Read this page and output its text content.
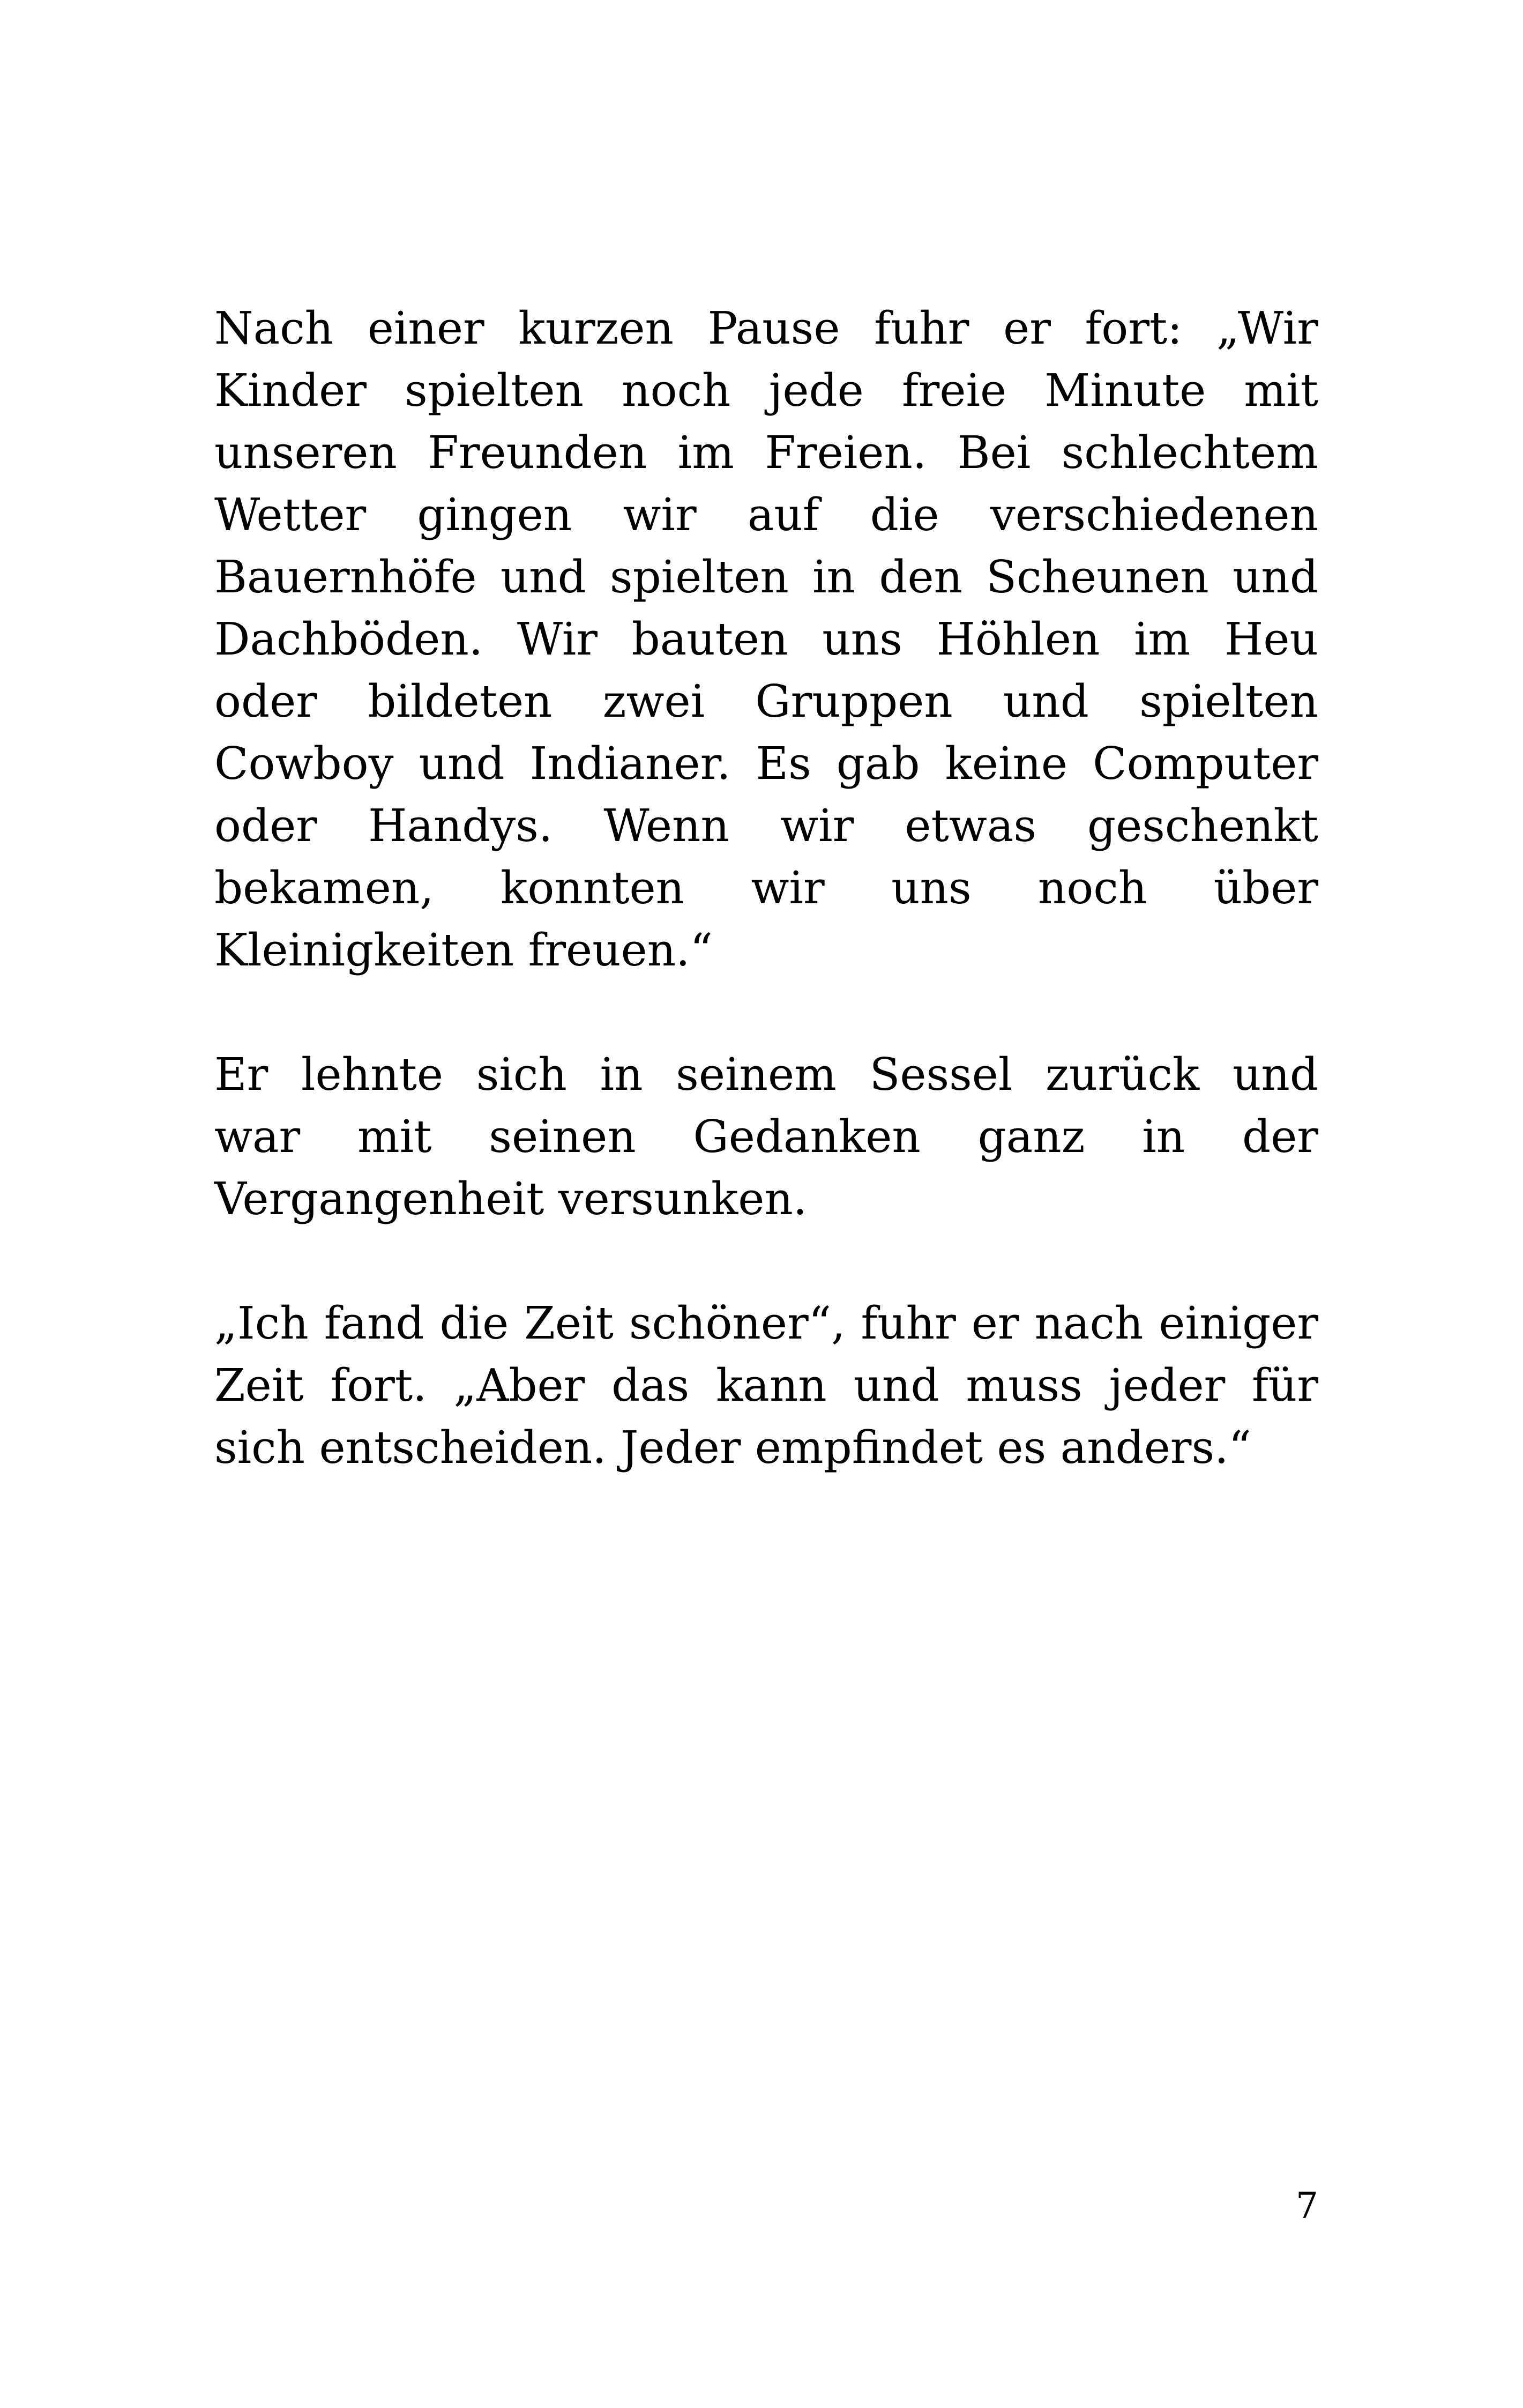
Nach einer kurzen Pause fuhr er fort: „Wir
Kinder spielten noch jede freie Minute mit
unseren Freunden im Freien. Bei schlechtem
Wetter gingen wir auf die verschiedenen
Bauernhöfe und spielten in den Scheunen und
Dachböden. Wir bauten uns Höhlen im Heu
oder bildeten zwei Gruppen und spielten
Cowboy und Indianer. Es gab keine Computer
oder Handys. Wenn wir etwas geschenkt
bekamen, konnten wir uns noch über
Kleinigkeiten freuen.“
Er lehnte sich in seinem Sessel zurück und
war mit seinen Gedanken ganz in der
Vergangenheit versunken.
„Ich fand die Zeit schöner“, fuhr er nach einiger
Zeit fort. „Aber das kann und muss jeder für
sich entscheiden. Jeder empfindet es anders.“
7
